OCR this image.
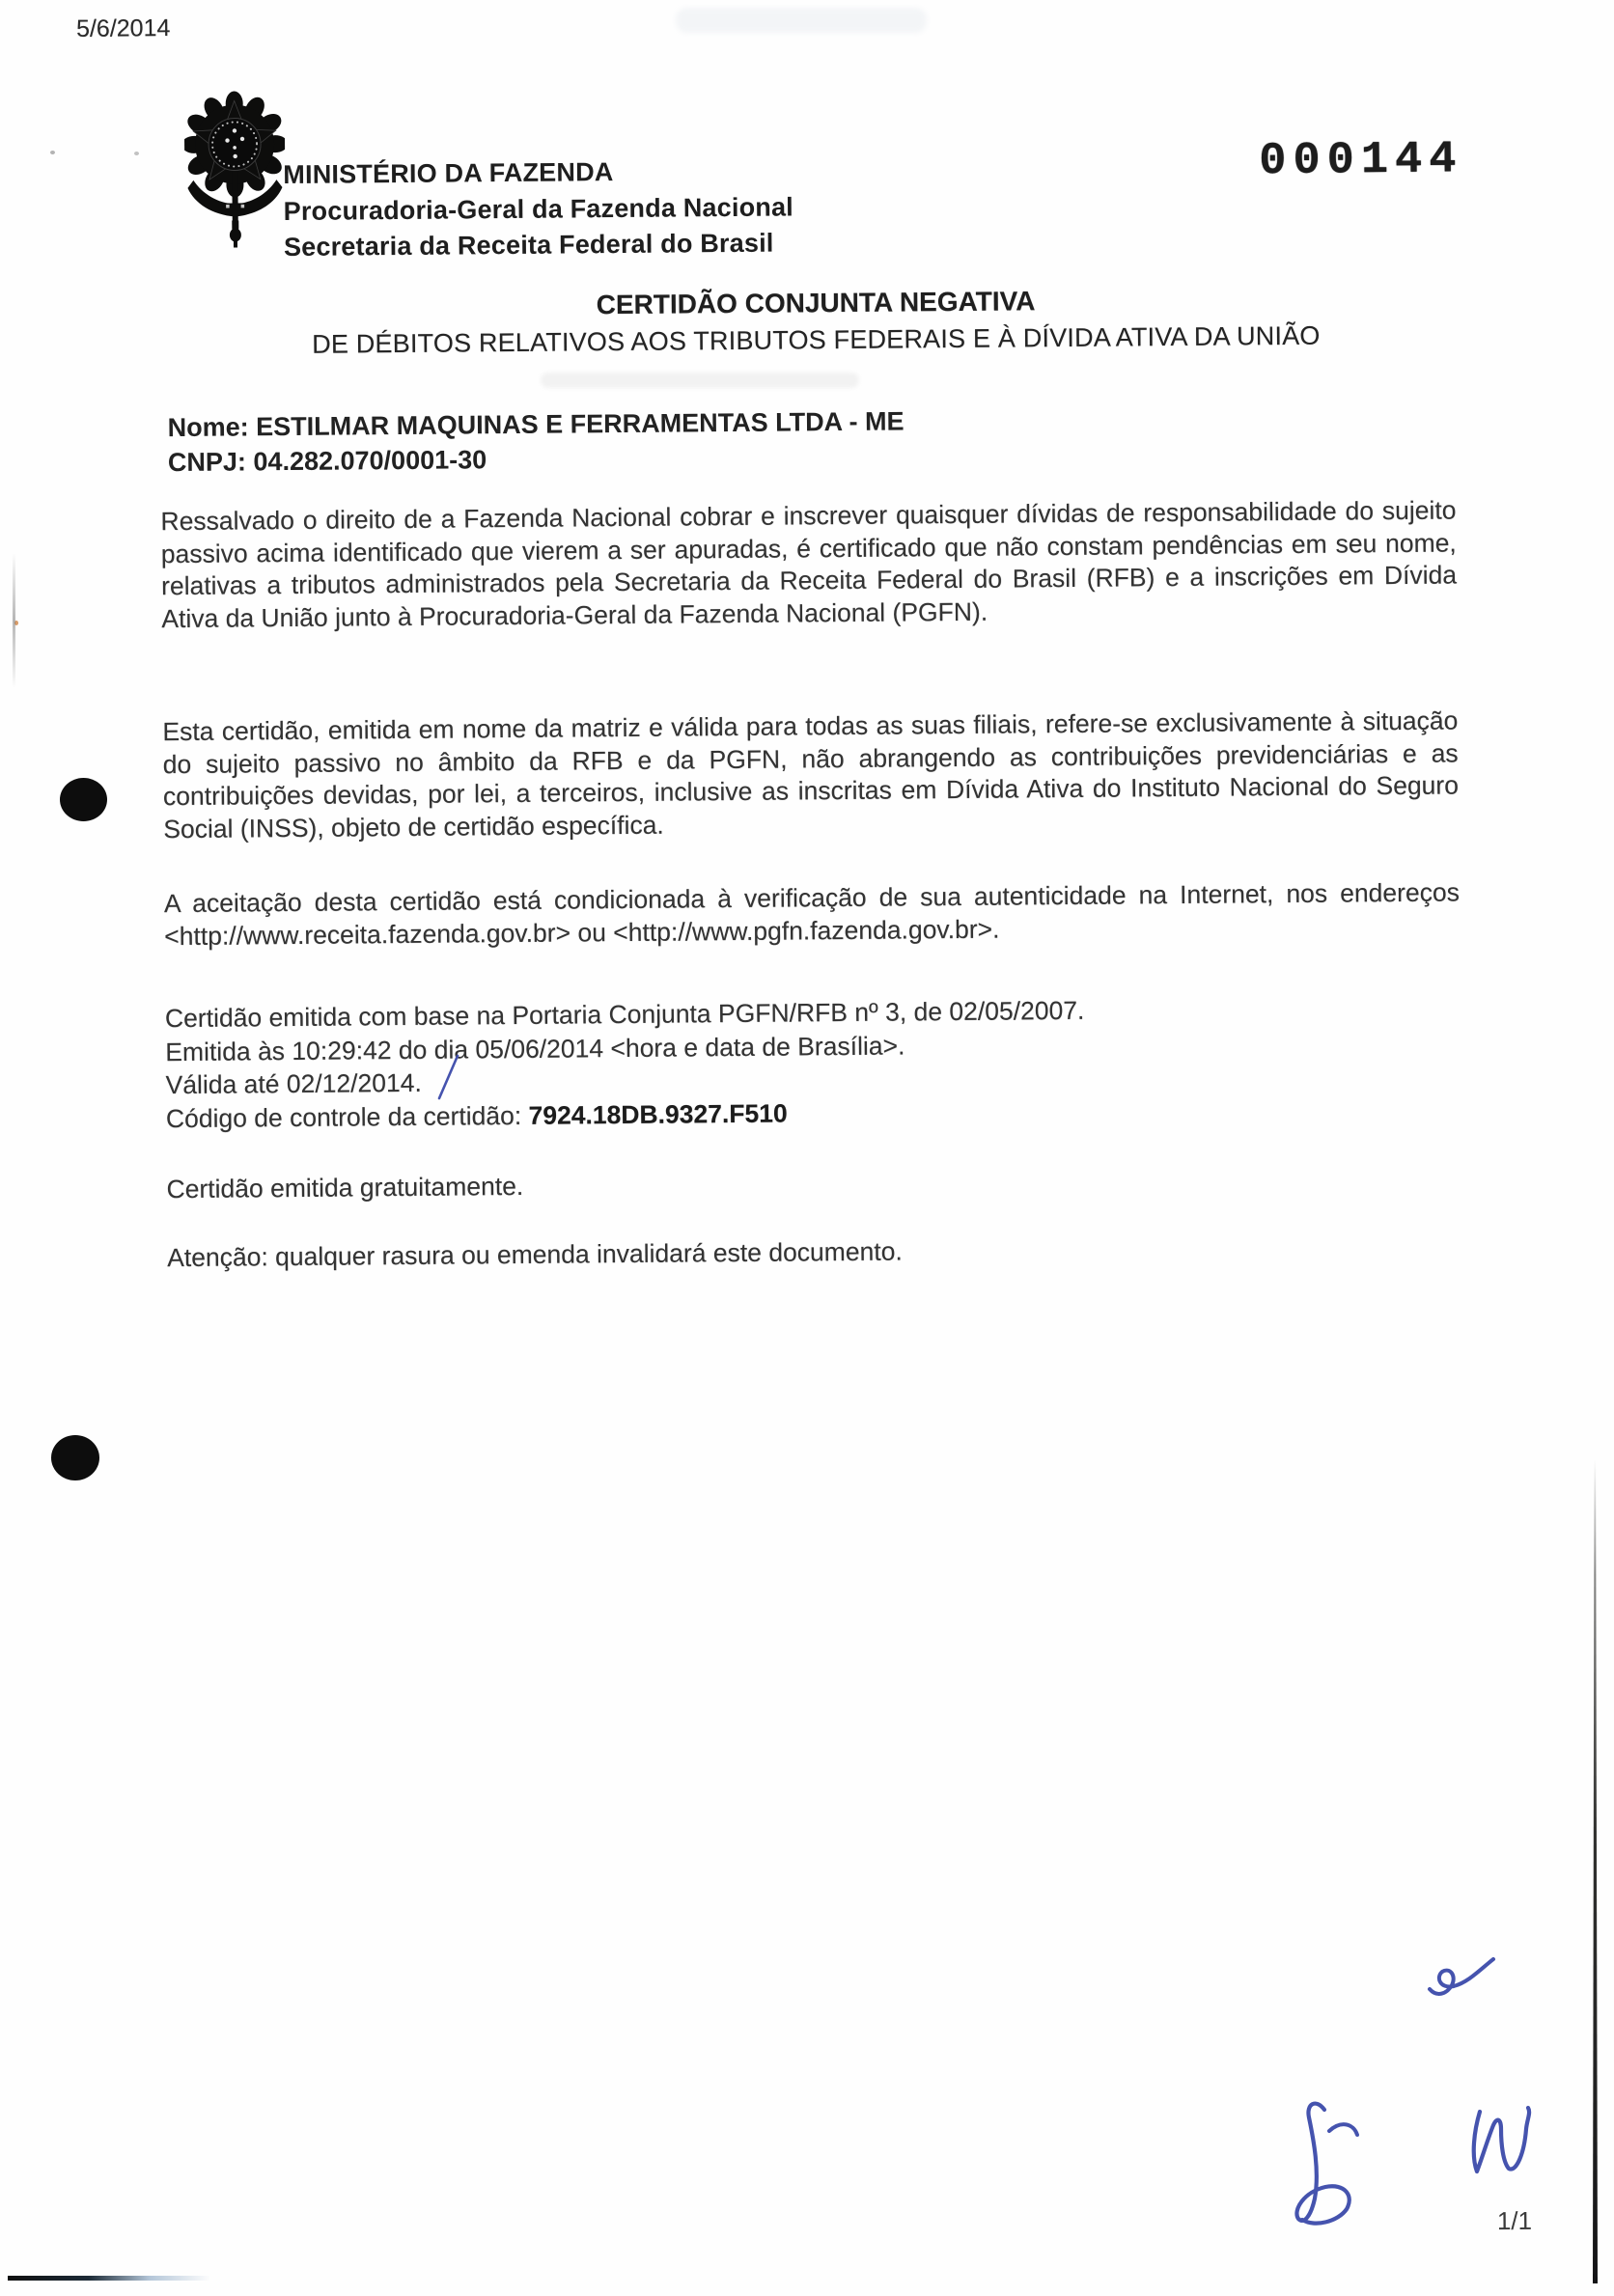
5/6/2014
000144
MINISTÉRIO DA FAZENDA
Procuradoria-Geral da Fazenda Nacional
Secretaria da Receita Federal do Brasil
CERTIDÃO CONJUNTA NEGATIVA
DE DÉBITOS RELATIVOS AOS TRIBUTOS FEDERAIS E À DÍVIDA ATIVA DA UNIÃO
Nome: ESTILMAR MAQUINAS E FERRAMENTAS LTDA - ME
CNPJ: 04.282.070/0001-30
Ressalvado o direito de a Fazenda Nacional cobrar e inscrever quaisquer dívidas de responsabilidade do sujeito passivo acima identificado que vierem a ser apuradas, é certificado que não constam pendências em seu nome, relativas a tributos administrados pela Secretaria da Receita Federal do Brasil (RFB) e a inscrições em Dívida Ativa da União junto à Procuradoria-Geral da Fazenda Nacional (PGFN).
Esta certidão, emitida em nome da matriz e válida para todas as suas filiais, refere-se exclusivamente à situação do sujeito passivo no âmbito da RFB e da PGFN, não abrangendo as contribuições previdenciárias e as contribuições devidas, por lei, a terceiros, inclusive as inscritas em Dívida Ativa do Instituto Nacional do Seguro Social (INSS), objeto de certidão específica.
A aceitação desta certidão está condicionada à verificação de sua autenticidade na Internet, nos endereços <http://www.receita.fazenda.gov.br> ou <http://www.pgfn.fazenda.gov.br>.
Certidão emitida com base na Portaria Conjunta PGFN/RFB nº 3, de 02/05/2007.
Emitida às 10:29:42 do dia 05/06/2014 <hora e data de Brasília>.
Válida até 02/12/2014.
Código de controle da certidão: 7924.18DB.9327.F510
Certidão emitida gratuitamente.
Atenção: qualquer rasura ou emenda invalidará este documento.
1/1
